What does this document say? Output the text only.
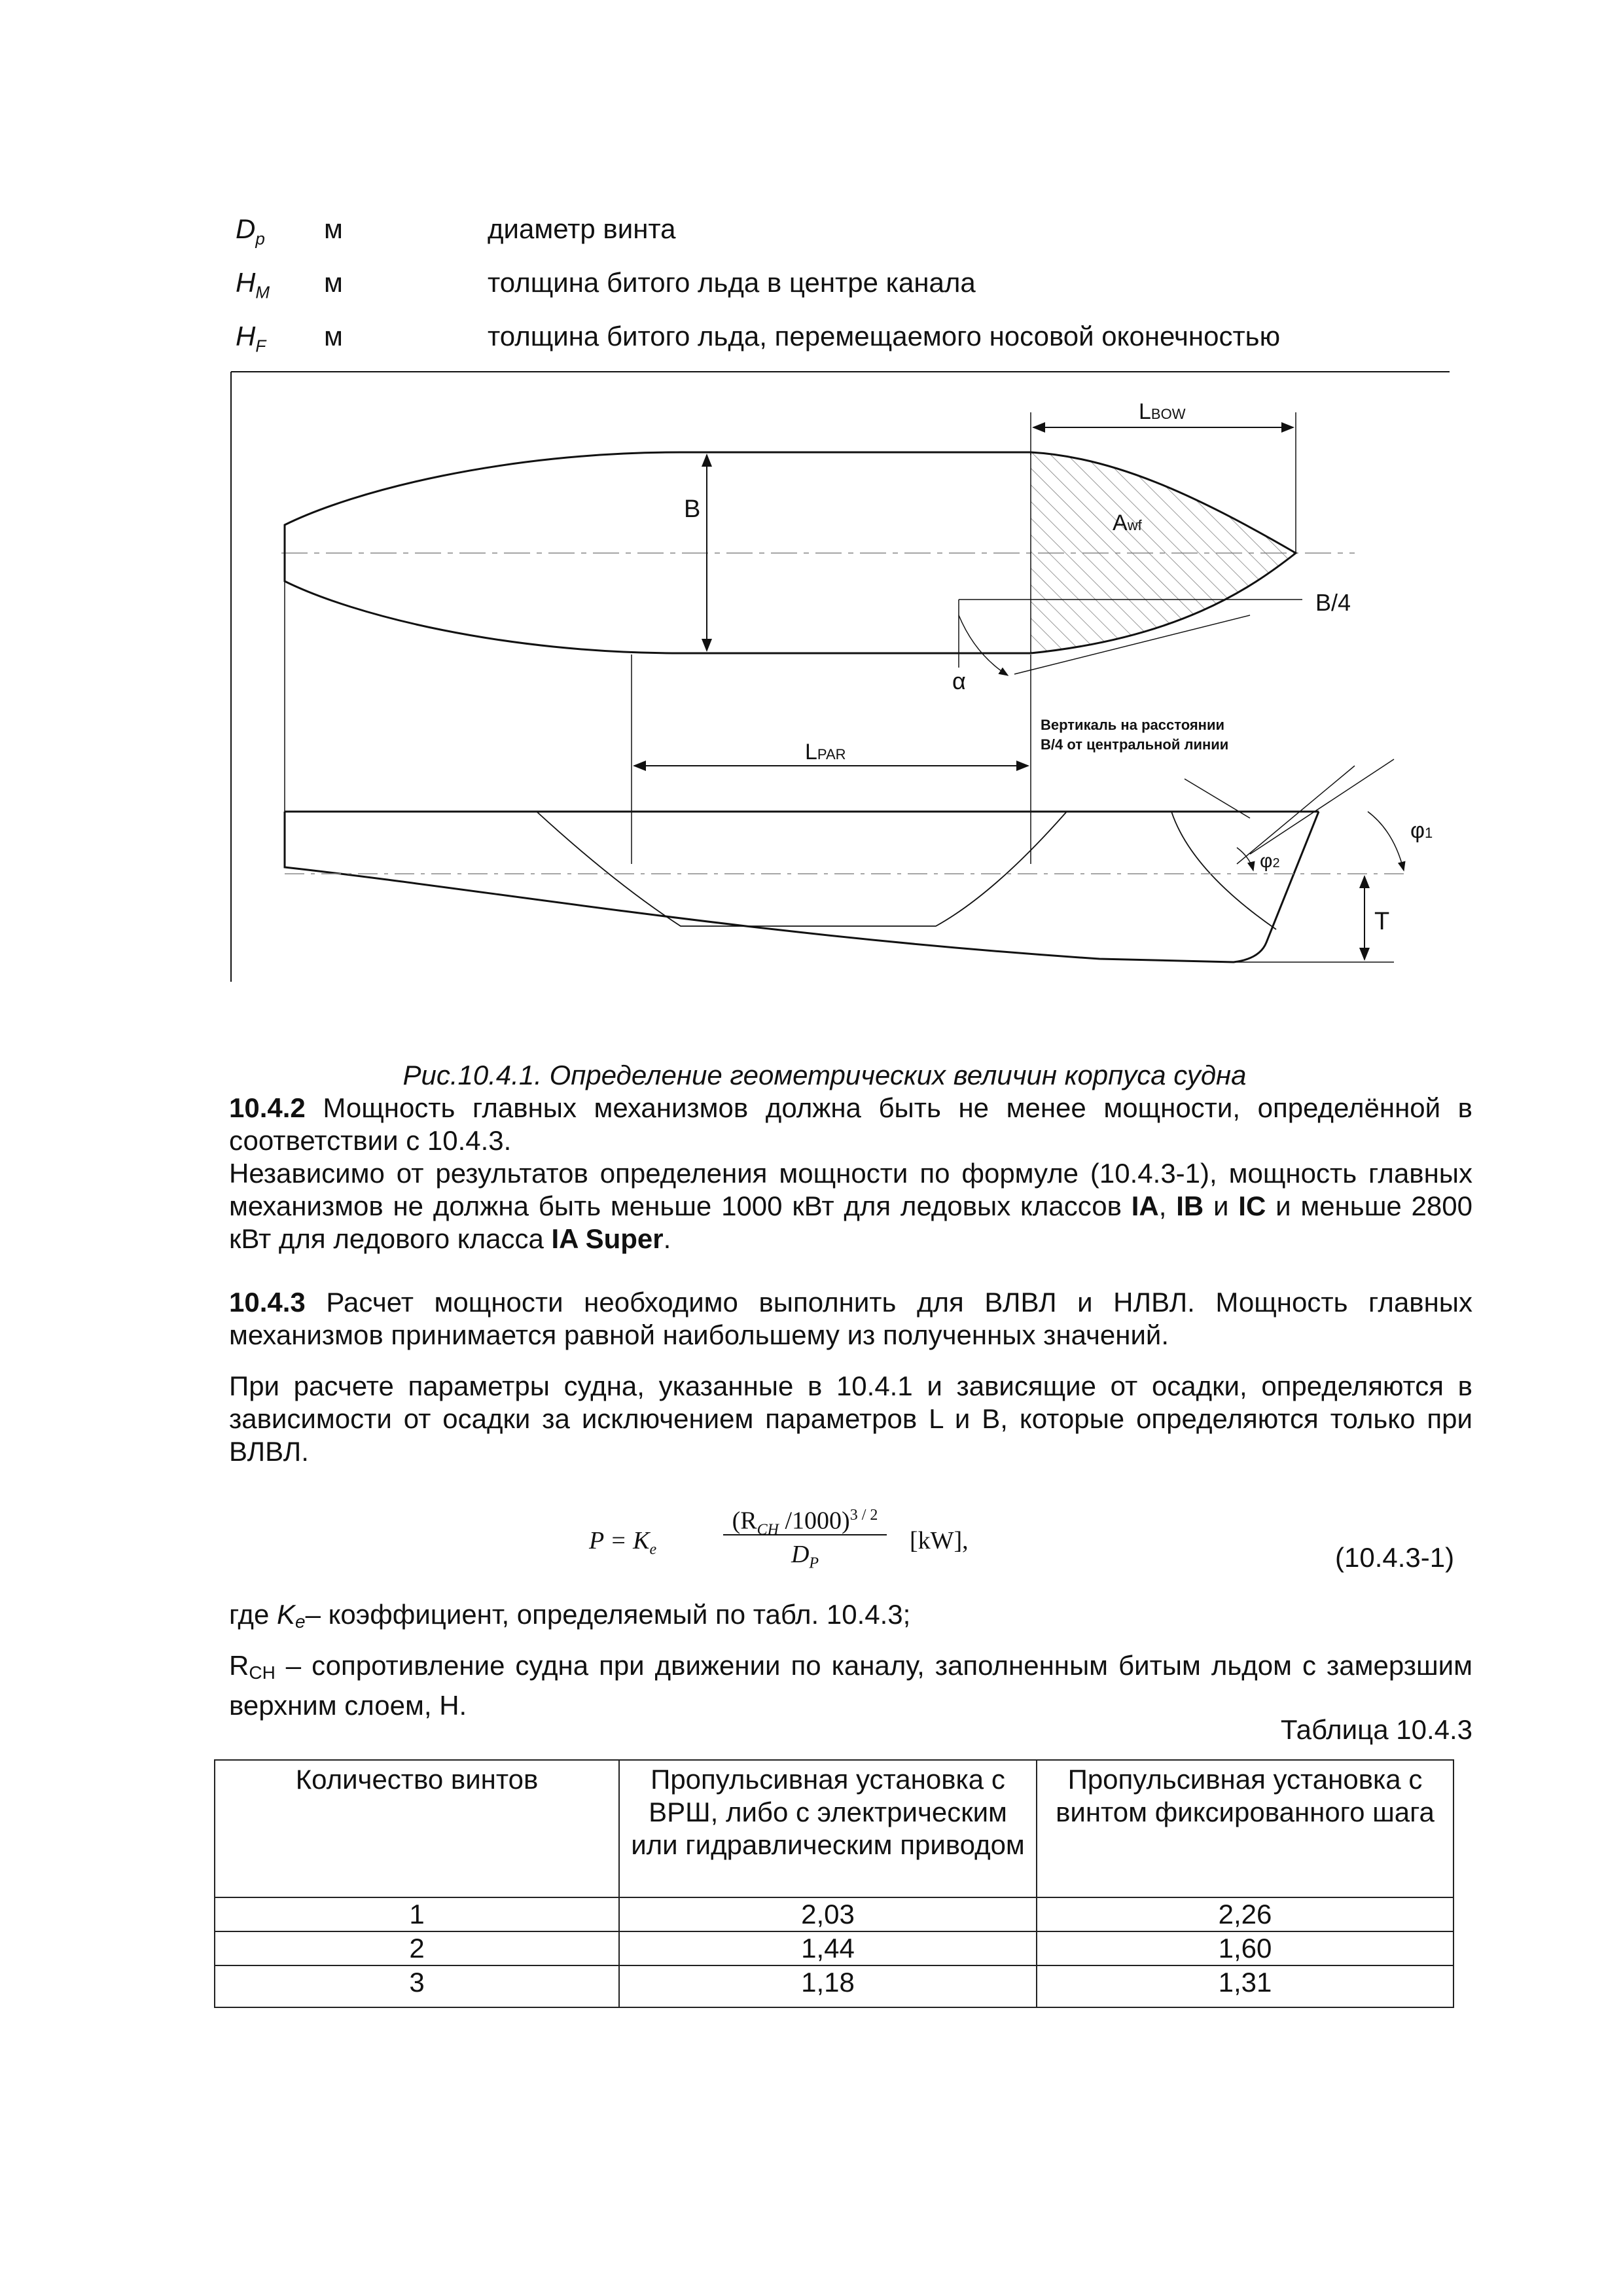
$D_p$ м	диаметр винта
$H_M$ м	толщина битого льда в центре канала
$H_F$ м	толщина битого льда, перемещаемого носовой оконечностью
B
LBOW
Awf
B/4
α
Вертикаль на расстоянии
B/4 от центральной линии
LPAR
φ1
φ2
T
Рис.10.4.1. Определение геометрических величин корпуса судна
10.4.2 Мощность главных механизмов должна быть не менее мощности, определённой в соответствии с 10.4.3.
Независимо от результатов определения мощности по формуле (10.4.3-1), мощность главных механизмов не должна быть меньше 1000 кВт для ледовых классов IA, IB и IC и меньше 2800 кВт для ледового класса IA Super.
10.4.3 Расчет мощности необходимо выполнить для ВЛВЛ и НЛВЛ. Мощность главных механизмов принимается равной наибольшему из полученных значений.
При расчете параметры судна, указанные в 10.4.1 и зависящие от осадки, определяются в зависимости от осадки за исключением параметров L и B, которые определяются только при ВЛВЛ.
$P = K_e$
($R_{CH}$ /1000)$^{3 / 2}$
$D_P$
[kW],
(10.4.3-1)
где $K_e-$ коэффициент, определяемый по табл. 10.4.3;
$R_{CH}$ – сопротивление судна при движении по каналу, заполненным битым льдом с замерзшим верхним слоем, Н.
Таблица 10.4.3
Количество винтов	Пропульсивная установка с ВРШ, либо с электрическим или гидравлическим приводом	Пропульсивная установка с винтом фиксированного шага
1	2,03	2,26
2	1,44	1,60
3	1,18	1,31
